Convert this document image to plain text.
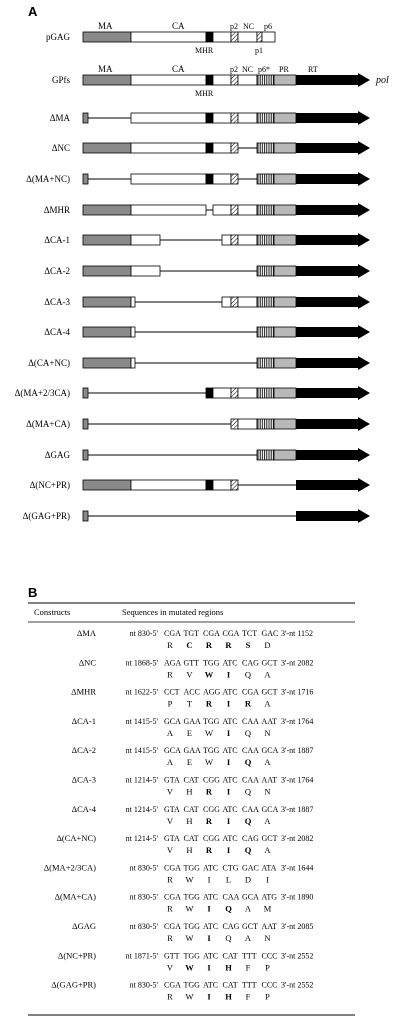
A
MA	CA	p2 NC p6
MHR	p1
MA	CA	p2 NC p6* PR RT
MHR
pol
pGAG
GPfs
ΔMA
ΔNC
Δ(MA+NC)
ΔMHR
ΔCA-1
ΔCA-2
ΔCA-3
ΔCA-4
Δ(CA+NC)
Δ(MA+2/3CA)
Δ(MA+CA)
ΔGAG
Δ(NC+PR)
Δ(GAG+PR)
B
Constructs	Sequences in mutated regions
ΔMA	nt 830-5' CGA TGT CGA CGA TCT GAC 3'-nt 1152
R C R R S D
ΔNC	nt 1868-5' AGA GTT TGG ATC CAG GCT 3'-nt 2082
R V W I Q A
ΔMHR	nt 1622-5' CCT ACC AGG ATC CGA GCT 3'-nt 1716
P T R I R A
ΔCA-1	nt 1415-5' GCA GAA TGG ATC CAA AAT 3'-nt 1764
A E W I Q N
ΔCA-2	nt 1415-5' GCA GAA TGG ATC CAA GCA 3'-nt 1887
A E W I Q A
ΔCA-3	nt 1214-5' GTA CAT CGG ATC CAA AAT 3'-nt 1764
V H R I Q N
ΔCA-4	nt 1214-5' GTA CAT CGG ATC CAA GCA 3'-nt 1887
V H R I Q A
Δ(CA+NC)	nt 1214-5' GTA CAT CGG ATC CAG GCT 3'-nt 2082
V H R I Q A
Δ(MA+2/3CA)	nt 830-5' CGA TGG ATC CTG GAC ATA 3'-nt 1644
R W I L D I
Δ(MA+CA)	nt 830-5' CGA TGG ATC CAA GCA ATG 3'-nt 1890
R W I Q A M
ΔGAG	nt 830-5' CGA TGG ATC CAG GCT AAT 3'-nt 2085
R W I Q A N
Δ(NC+PR)	nt 1871-5' GTT TGG ATC CAT TTT CCC 3'-nt 2552
V W I H F P
Δ(GAG+PR)	nt 830-5' CGA TGG ATC CAT TTT CCC 3'-nt 2552
R W I H F P
